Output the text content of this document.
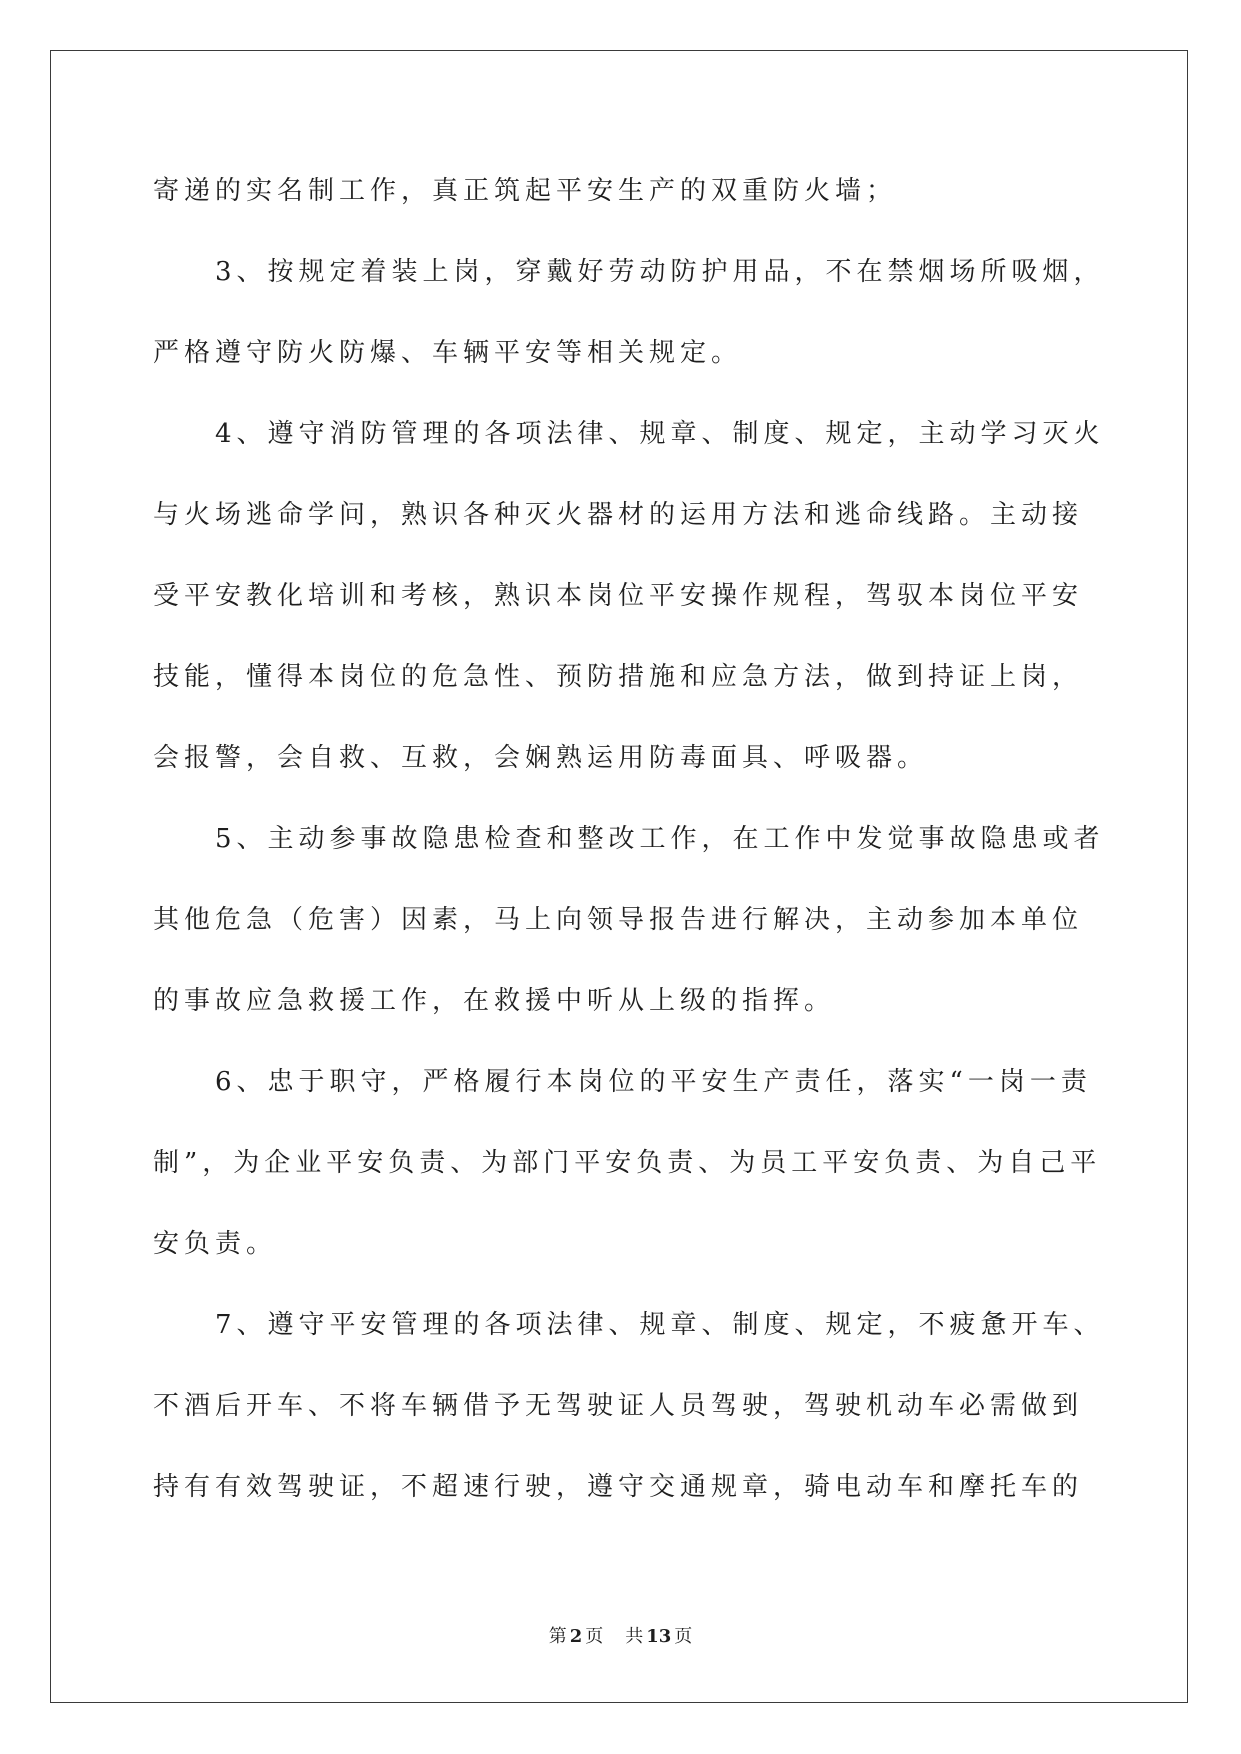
寄递的实名制工作，真正筑起平安生产的双重防火墙；
3、按规定着装上岗，穿戴好劳动防护用品，不在禁烟场所吸烟，
严格遵守防火防爆、车辆平安等相关规定。
4、遵守消防管理的各项法律、规章、制度、规定，主动学习灭火
与火场逃命学问，熟识各种灭火器材的运用方法和逃命线路。主动接
受平安教化培训和考核，熟识本岗位平安操作规程，驾驭本岗位平安
技能，懂得本岗位的危急性、预防措施和应急方法，做到持证上岗，
会报警，会自救、互救，会娴熟运用防毒面具、呼吸器。
5、主动参事故隐患检查和整改工作，在工作中发觉事故隐患或者
其他危急（危害）因素，马上向领导报告进行解决，主动参加本单位
的事故应急救援工作，在救援中听从上级的指挥。
6、忠于职守，严格履行本岗位的平安生产责任，落实“一岗一责
制”，为企业平安负责、为部门平安负责、为员工平安负责、为自己平
安负责。
7、遵守平安管理的各项法律、规章、制度、规定，不疲惫开车、
不酒后开车、不将车辆借予无驾驶证人员驾驶，驾驶机动车必需做到
持有有效驾驶证，不超速行驶，遵守交通规章，骑电动车和摩托车的
第 2 页 共 13 页
